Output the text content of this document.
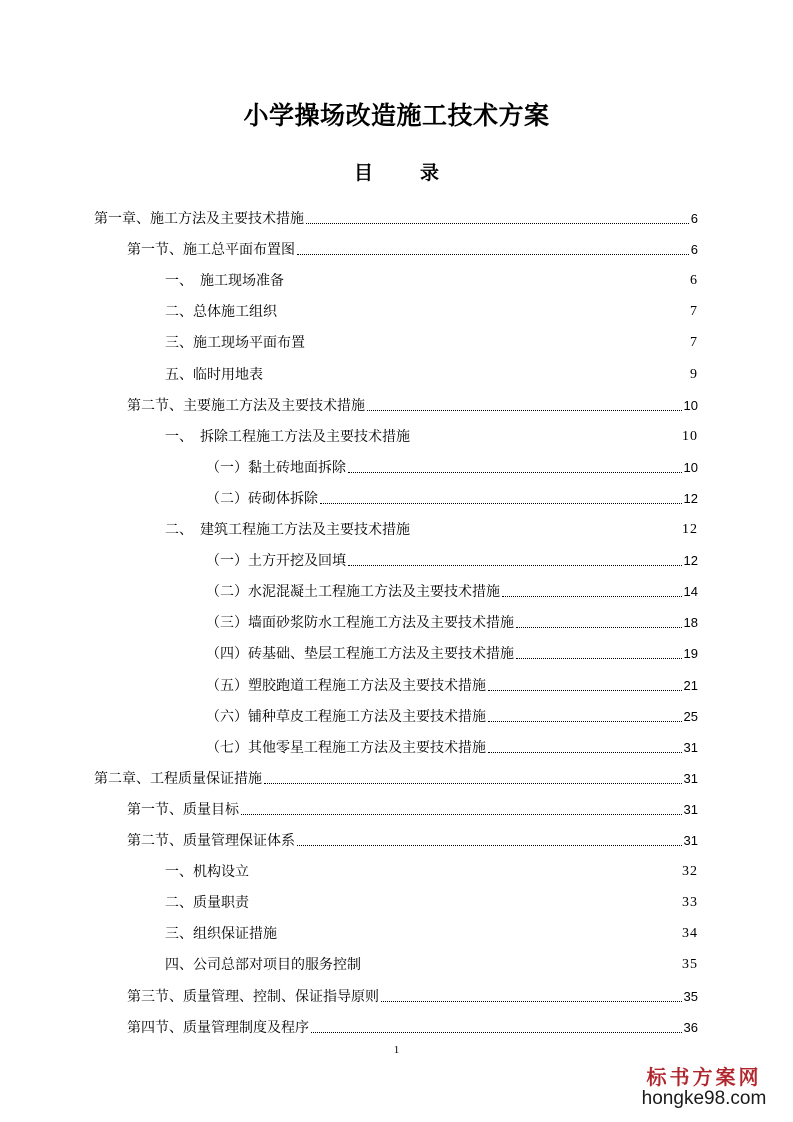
小学操场改造施工技术方案
目　录
第一章、施工方法及主要技术措施	6
第一节、施工总平面布置图	6
一、　施工现场准备	6
二、总体施工组织	7
三、施工现场平面布置	7
五、临时用地表	9
第二节、主要施工方法及主要技术措施	10
一、　拆除工程施工方法及主要技术措施	10
（一）黏土砖地面拆除	10
（二）砖砌体拆除	12
二、　建筑工程施工方法及主要技术措施	12
（一）土方开挖及回填	12
（二）水泥混凝土工程施工方法及主要技术措施	14
（三）墙面砂浆防水工程施工方法及主要技术措施	18
（四）砖基础、垫层工程施工方法及主要技术措施	19
（五）塑胶跑道工程施工方法及主要技术措施	21
（六）铺种草皮工程施工方法及主要技术措施	25
（七）其他零星工程施工方法及主要技术措施	31
第二章、工程质量保证措施	31
第一节、质量目标	31
第二节、质量管理保证体系	31
一、机构设立	32
二、质量职责	33
三、组织保证措施	34
四、公司总部对项目的服务控制	35
第三节、质量管理、控制、保证指导原则	35
第四节、质量管理制度及程序	36
1
标书方案网
hongke98.com
